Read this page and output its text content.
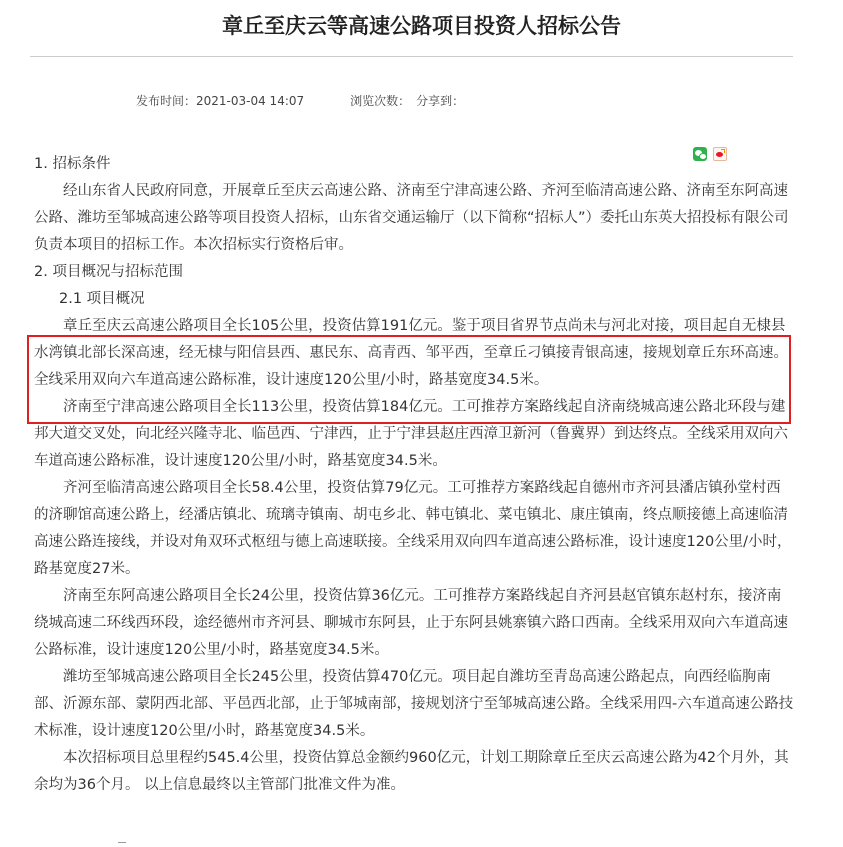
章丘至庆云等高速公路项目投资人招标公告
发布时间：2021-03-04 14:07	浏览次数： 分享到：

1. 招标条件

经山东省人民政府同意，开展章丘至庆云高速公路、济南至宁津高速公路、齐河至临清高速公路、济南至东阿高速公路、潍坊至邹城高速公路等项目投资人招标，山东省交通运输厅（以下简称“招标人”）委托山东英大招投标有限公司负责本项目的招标工作。本次招标实行资格后审。

2. 项目概况与招标范围

2.1 项目概况

章丘至庆云高速公路项目全长105公里，投资估算191亿元。鉴于项目省界节点尚未与河北对接，项目起自无棣县水湾镇北部长深高速，经无棣与阳信县西、惠民东、高青西、邹平西，至章丘刁镇接青银高速，接规划章丘东环高速。全线采用双向六车道高速公路标准，设计速度120公里/小时，路基宽度34.5米。

济南至宁津高速公路项目全长113公里，投资估算184亿元。工可推荐方案路线起自济南绕城高速公路北环段与建邦大道交叉处，向北经兴隆寺北、临邑西、宁津西，止于宁津县赵庄西漳卫新河（鲁冀界）到达终点。全线采用双向六车道高速公路标准，设计速度120公里/小时，路基宽度34.5米。

齐河至临清高速公路项目全长58.4公里，投资估算79亿元。工可推荐方案路线起自德州市齐河县潘店镇孙堂村西的济聊馆高速公路上，经潘店镇北、琉璃寺镇南、胡屯乡北、韩屯镇北、菜屯镇北、康庄镇南，终点顺接德上高速临清高速公路连接线，并设对角双环式枢纽与德上高速联接。全线采用双向四车道高速公路标准，设计速度120公里/小时，路基宽度27米。

济南至东阿高速公路项目全长24公里，投资估算36亿元。工可推荐方案路线起自齐河县赵官镇东赵村东，接济南绕城高速二环线西环段，途经德州市齐河县、聊城市东阿县，止于东阿县姚寨镇六路口西南。全线采用双向六车道高速公路标准，设计速度120公里/小时，路基宽度34.5米。

潍坊至邹城高速公路项目全长245公里，投资估算470亿元。项目起自潍坊至青岛高速公路起点，向西经临朐南部、沂源东部、蒙阴西北部、平邑西北部，止于邹城南部，接规划济宁至邹城高速公路。全线采用四-六车道高速公路技术标准，设计速度120公里/小时，路基宽度34.5米。

本次招标项目总里程约545.4公里，投资估算总金额约960亿元，计划工期除章丘至庆云高速公路为42个月外，其余均为36个月。 以上信息最终以主管部门批准文件为准。
